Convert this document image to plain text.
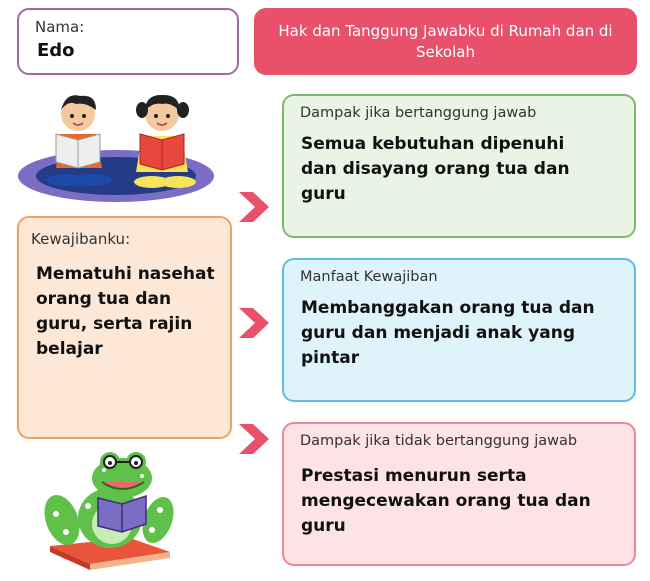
Nama:
Edo
Hak dan Tanggung Jawabku di Rumah dan di Sekolah
Kewajibanku:
Mematuhi nasehat orang tua dan guru, serta rajin belajar
Dampak jika bertanggung jawab
Semua kebutuhan dipenuhi dan disayang orang tua dan guru
Manfaat Kewajiban
Membanggakan orang tua dan guru dan menjadi anak yang pintar
Dampak jika tidak bertanggung jawab
Prestasi menurun serta mengecewakan orang tua dan guru
